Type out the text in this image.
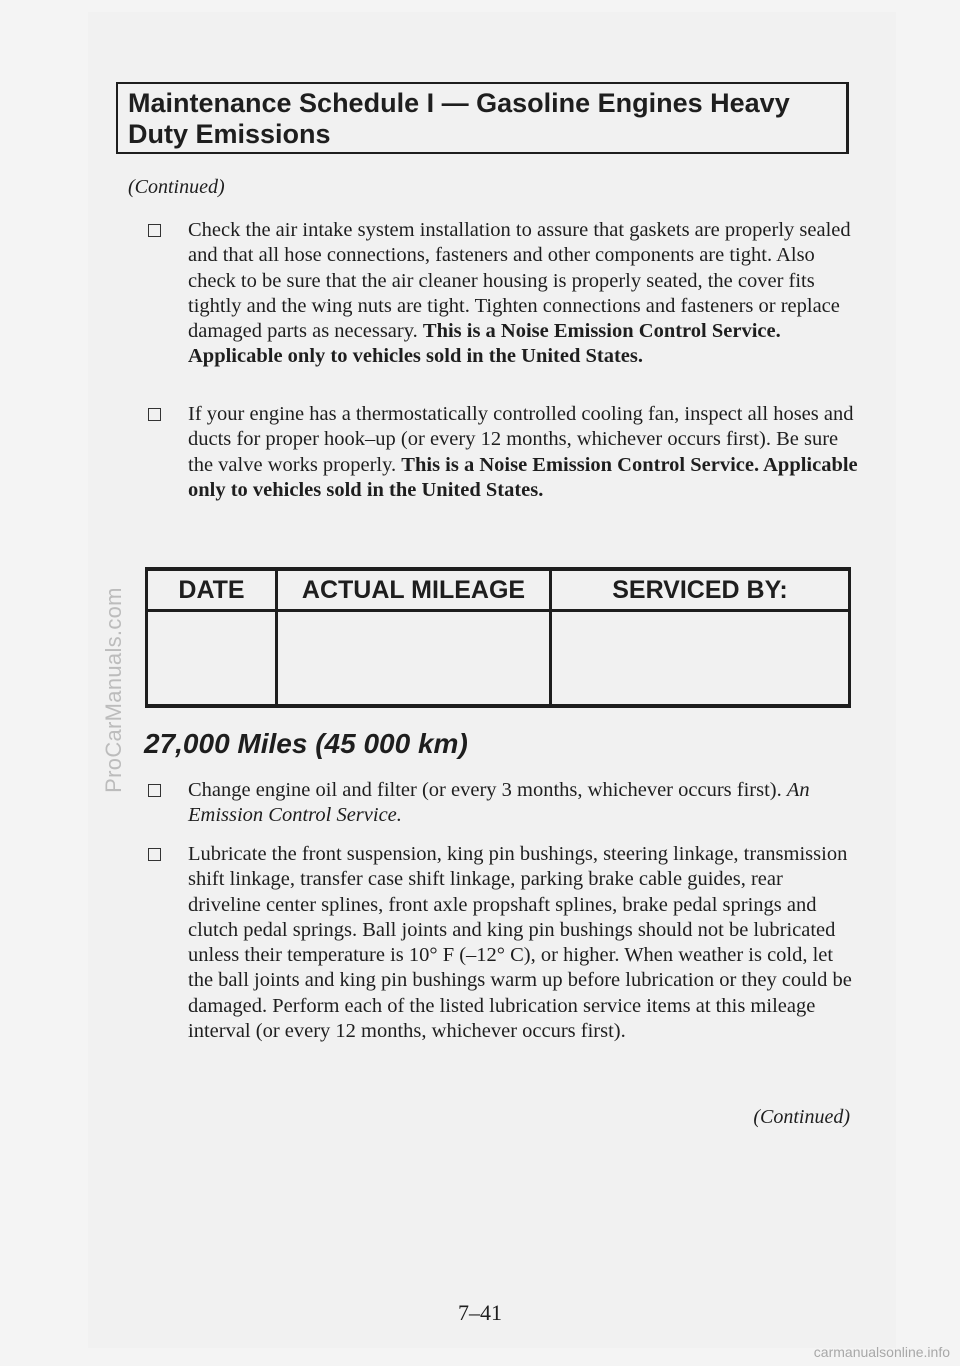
ProCarManuals.com
Maintenance Schedule I — Gasoline Engines Heavy Duty Emissions
(Continued)

Check the air intake system installation to assure that gaskets are properly sealed and that all hose connections, fasteners and other components are tight. Also check to be sure that the air cleaner housing is properly seated, the cover fits tightly and the wing nuts are tight. Tighten connections and fasteners or replace damaged parts as necessary. This is a Noise Emission Control Service. Applicable only to vehicles sold in the United States.

If your engine has a thermostatically controlled cooling fan, inspect all hoses and ducts for proper hook–up (or every 12 months, whichever occurs first). Be sure the valve works properly. This is a Noise Emission Control Service. Applicable only to vehicles sold in the United States.

DATE	ACTUAL MILEAGE	SERVICED BY:

27,000 Miles (45 000 km)

Change engine oil and filter (or every 3 months, whichever occurs first). An Emission Control Service.

Lubricate the front suspension, king pin bushings, steering linkage, transmission shift linkage, transfer case shift linkage, parking brake cable guides, rear driveline center splines, front axle propshaft splines, brake pedal springs and clutch pedal springs. Ball joints and king pin bushings should not be lubricated unless their temperature is 10° F (–12° C), or higher. When weather is cold, let the ball joints and king pin bushings warm up before lubrication or they could be damaged. Perform each of the listed lubrication service items at this mileage interval (or every 12 months, whichever occurs first).

(Continued)
7–41
carmanualsonline.info
